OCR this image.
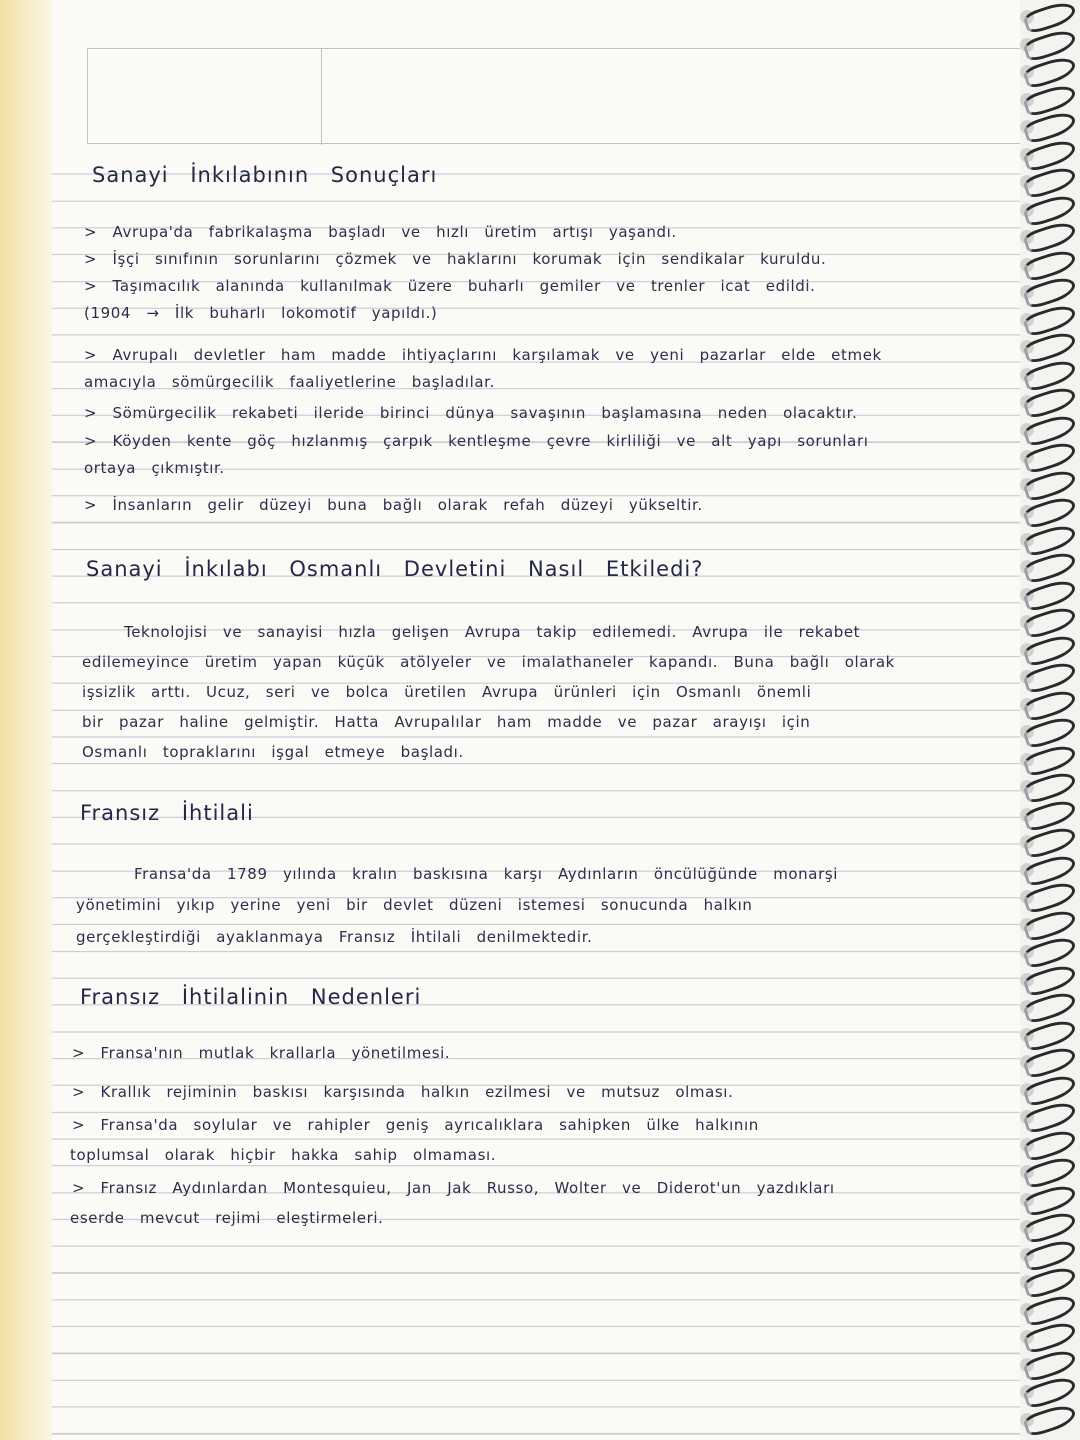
Sanayi İnkılabının Sonuçları
> Avrupa'da fabrikalaşma başladı ve hızlı üretim artışı yaşandı.
> İşçi sınıfının sorunlarını çözmek ve haklarını korumak için sendikalar kuruldu.
> Taşımacılık alanında kullanılmak üzere buharlı gemiler ve trenler icat edildi.
(1904 → İlk buharlı lokomotif yapıldı.)
> Avrupalı devletler ham madde ihtiyaçlarını karşılamak ve yeni pazarlar elde etmek
amacıyla sömürgecilik faaliyetlerine başladılar.
> Sömürgecilik rekabeti ileride birinci dünya savaşının başlamasına neden olacaktır.
> Köyden kente göç hızlanmış çarpık kentleşme çevre kirliliği ve alt yapı sorunları
ortaya çıkmıştır.
> İnsanların gelir düzeyi buna bağlı olarak refah düzeyi yükseltir.
Sanayi İnkılabı Osmanlı Devletini Nasıl Etkiledi?
Teknolojisi ve sanayisi hızla gelişen Avrupa takip edilemedi. Avrupa ile rekabet
edilemeyince üretim yapan küçük atölyeler ve imalathaneler kapandı. Buna bağlı olarak
işsizlik arttı. Ucuz, seri ve bolca üretilen Avrupa ürünleri için Osmanlı önemli
bir pazar haline gelmiştir. Hatta Avrupalılar ham madde ve pazar arayışı için
Osmanlı topraklarını işgal etmeye başladı.
Fransız İhtilali
Fransa'da 1789 yılında kralın baskısına karşı Aydınların öncülüğünde monarşi
yönetimini yıkıp yerine yeni bir devlet düzeni istemesi sonucunda halkın
gerçekleştirdiği ayaklanmaya Fransız İhtilali denilmektedir.
Fransız İhtilalinin Nedenleri
> Fransa'nın mutlak krallarla yönetilmesi.
> Krallık rejiminin baskısı karşısında halkın ezilmesi ve mutsuz olması.
> Fransa'da soylular ve rahipler geniş ayrıcalıklara sahipken ülke halkının
toplumsal olarak hiçbir hakka sahip olmaması.
> Fransız Aydınlardan Montesquieu, Jan Jak Russo, Wolter ve Diderot'un yazdıkları
eserde mevcut rejimi eleştirmeleri.
